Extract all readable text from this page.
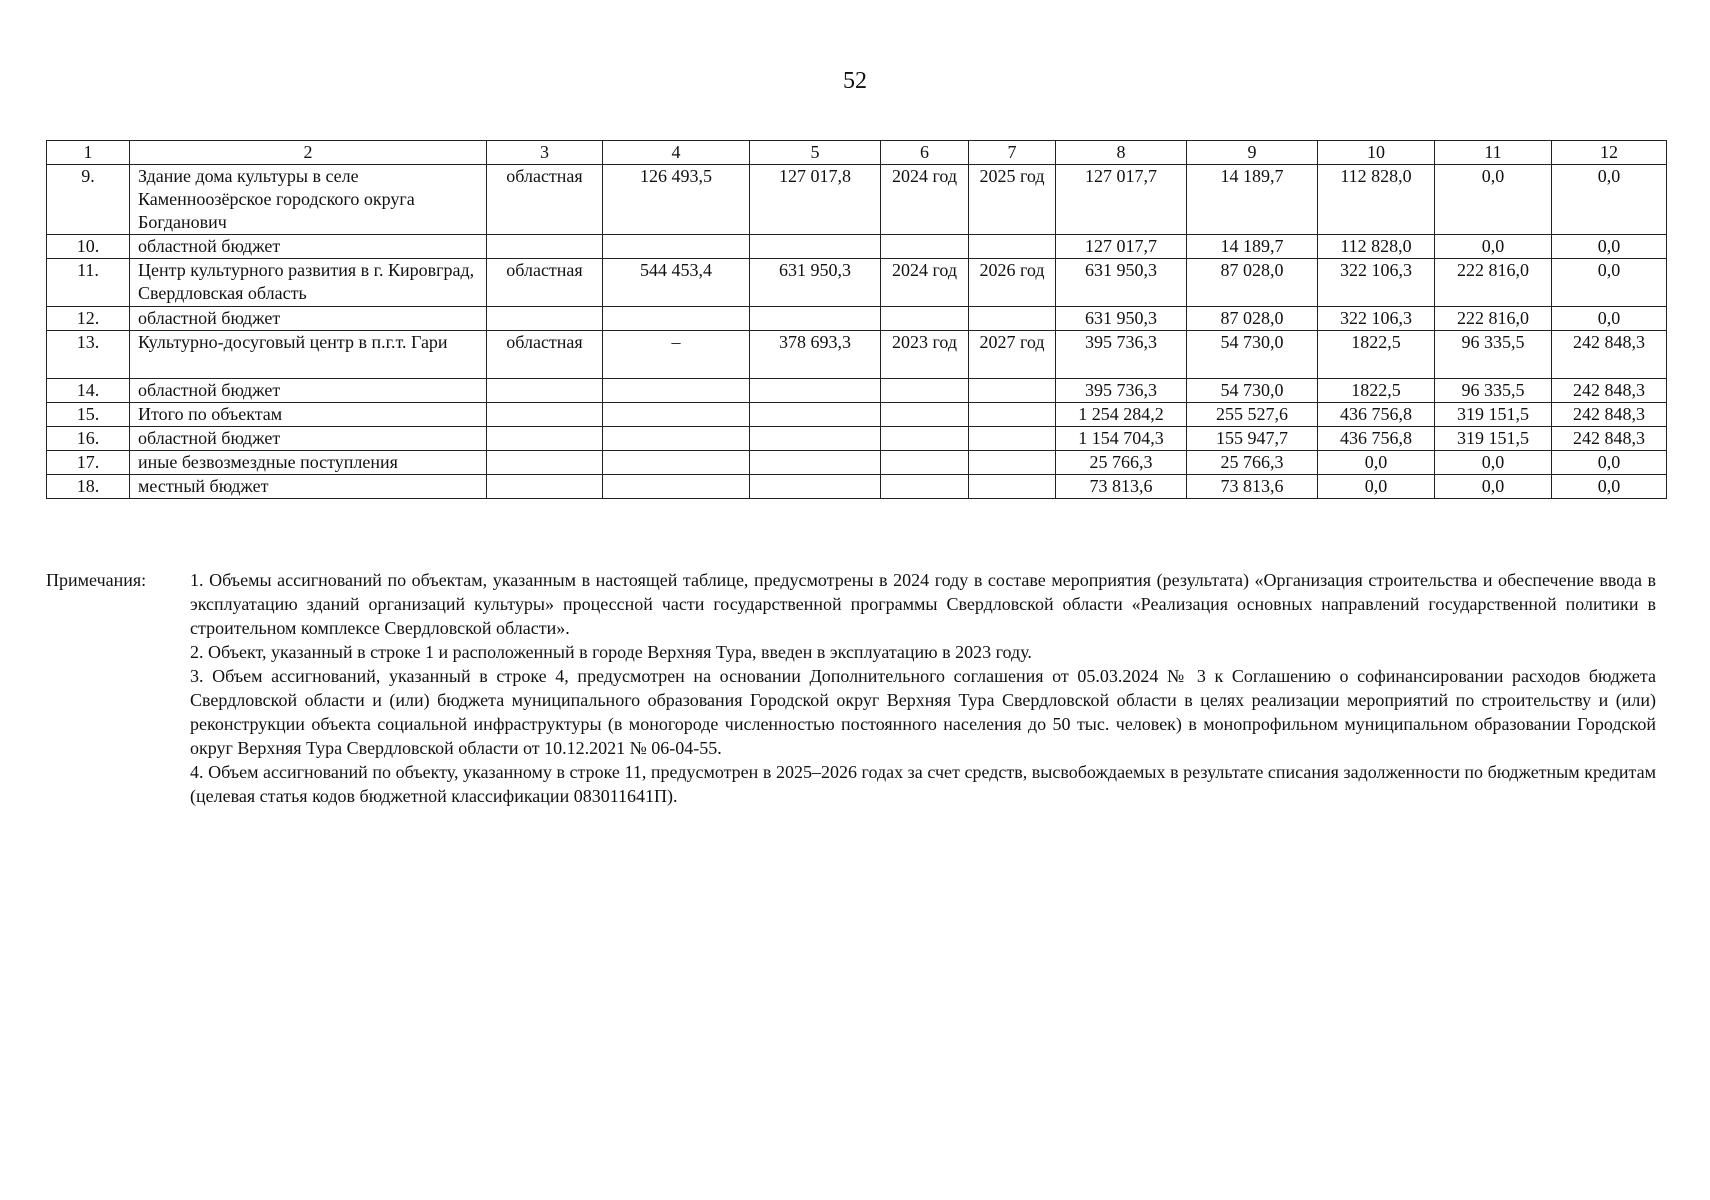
52
1	2	3	4	5	6	7	8	9	10	11	12
9.	Здание дома культуры в селе Каменноозёрское городского округа Богданович	областная	126 493,5	127 017,8	2024 год	2025 год	127 017,7	14 189,7	112 828,0	0,0	0,0
10.	областной бюджет						127 017,7	14 189,7	112 828,0	0,0	0,0
11.	Центр культурного развития в г. Кировград, Свердловская область	областная	544 453,4	631 950,3	2024 год	2026 год	631 950,3	87 028,0	322 106,3	222 816,0	0,0
12.	областной бюджет						631 950,3	87 028,0	322 106,3	222 816,0	0,0
13.	Культурно-досуговый центр в п.г.т. Гари	областная	–	378 693,3	2023 год	2027 год	395 736,3	54 730,0	1822,5	96 335,5	242 848,3
14.	областной бюджет						395 736,3	54 730,0	1822,5	96 335,5	242 848,3
15.	Итого по объектам						1 254 284,2	255 527,6	436 756,8	319 151,5	242 848,3
16.	областной бюджет						1 154 704,3	155 947,7	436 756,8	319 151,5	242 848,3
17.	иные безвозмездные поступления						25 766,3	25 766,3	0,0	0,0	0,0
18.	местный бюджет						73 813,6	73 813,6	0,0	0,0	0,0
Примечания:	1. Объемы ассигнований по объектам, указанным в настоящей таблице, предусмотрены в 2024 году в составе мероприятия (результата) «Организация строительства и обеспечение ввода в эксплуатацию зданий организаций культуры» процессной части государственной программы Свердловской области «Реализация основных направлений государственной политики в строительном комплексе Свердловской области».

2. Объект, указанный в строке 1 и расположенный в городе Верхняя Тура, введен в эксплуатацию в 2023 году.

3. Объем ассигнований, указанный в строке 4, предусмотрен на основании Дополнительного соглашения от 05.03.2024 № 3 к Соглашению о софинансировании расходов бюджета Свердловской области и (или) бюджета муниципального образования Городской округ Верхняя Тура Свердловской области в целях реализации мероприятий по строительству и (или) реконструкции объекта социальной инфраструктуры (в моногороде численностью постоянного населения до 50 тыс. человек) в монопрофильном муниципальном образовании Городской округ Верхняя Тура Свердловской области от 10.12.2021 № 06-04-55.

4. Объем ассигнований по объекту, указанному в строке 11, предусмотрен в 2025–2026 годах за счет средств, высвобождаемых в результате списания задолженности по бюджетным кредитам (целевая статья кодов бюджетной классификации 083011641П).
